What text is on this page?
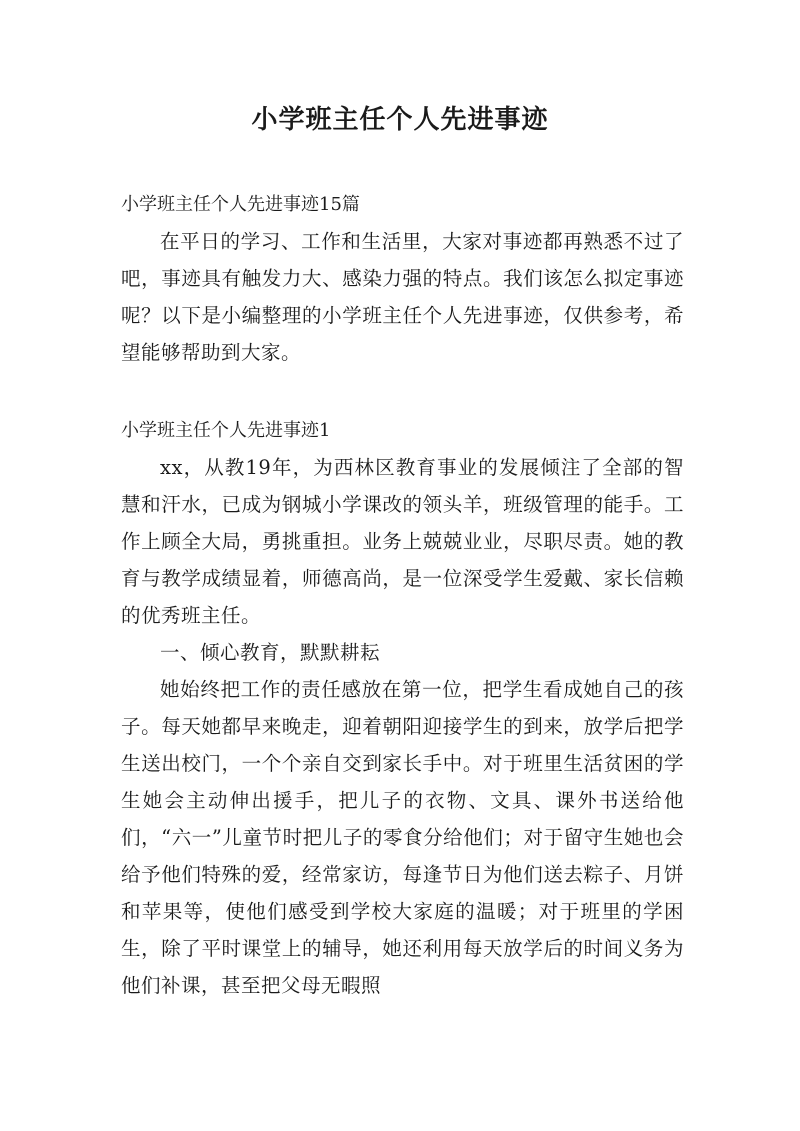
小学班主任个人先进事迹

小学班主任个人先进事迹15篇

在平日的学习、工作和生活里，大家对事迹都再熟悉不过了吧，事迹具有触发力大、感染力强的特点。我们该怎么拟定事迹呢？以下是小编整理的小学班主任个人先进事迹，仅供参考，希望能够帮助到大家。

小学班主任个人先进事迹1

xx，从教19年，为西林区教育事业的发展倾注了全部的智慧和汗水，已成为钢城小学课改的领头羊，班级管理的能手。工作上顾全大局，勇挑重担。业务上兢兢业业，尽职尽责。她的教育与教学成绩显着，师德高尚，是一位深受学生爱戴、家长信赖的优秀班主任。

一、倾心教育，默默耕耘

她始终把工作的责任感放在第一位，把学生看成她自己的孩子。每天她都早来晚走，迎着朝阳迎接学生的到来，放学后把学生送出校门，一个个亲自交到家长手中。对于班里生活贫困的学生她会主动伸出援手，把儿子的衣物、文具、课外书送给他们，“六一”儿童节时把儿子的零食分给他们；对于留守生她也会给予他们特殊的爱，经常家访，每逢节日为他们送去粽子、月饼和苹果等，使他们感受到学校大家庭的温暖；对于班里的学困生，除了平时课堂上的辅导，她还利用每天放学后的时间义务为他们补课，甚至把父母无暇照
